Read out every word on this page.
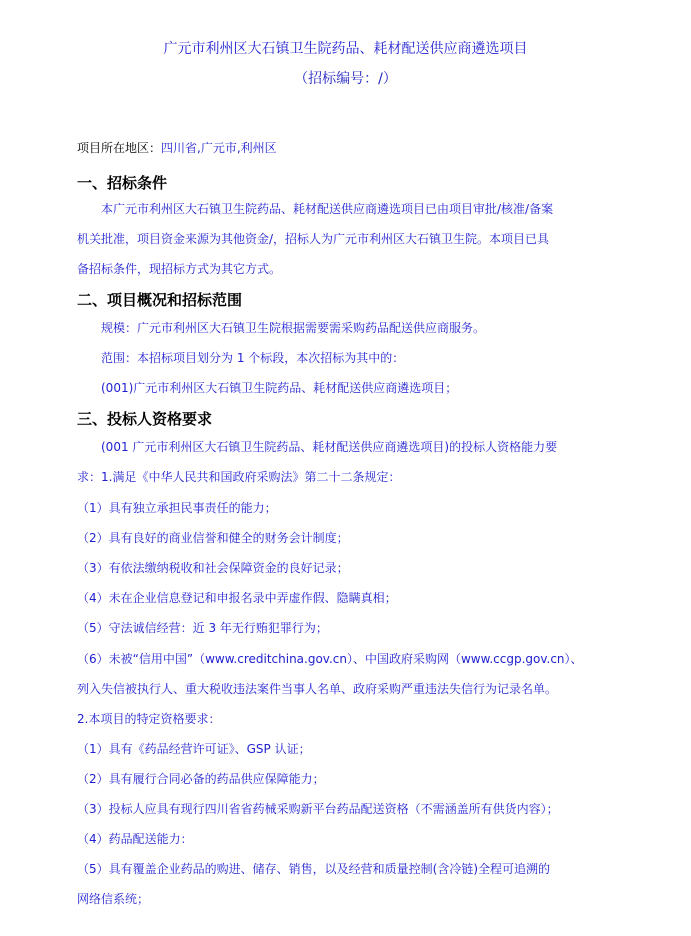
广元市利州区大石镇卫生院药品、耗材配送供应商遴选项目
（招标编号：/）
项目所在地区：四川省,广元市,利州区
一、招标条件
本广元市利州区大石镇卫生院药品、耗材配送供应商遴选项目已由项目审批/核准/备案
机关批准，项目资金来源为其他资金/，招标人为广元市利州区大石镇卫生院。本项目已具
备招标条件，现招标方式为其它方式。
二、项目概况和招标范围
规模：广元市利州区大石镇卫生院根据需要需采购药品配送供应商服务。
范围：本招标项目划分为 1 个标段，本次招标为其中的：
(001)广元市利州区大石镇卫生院药品、耗材配送供应商遴选项目；
三、投标人资格要求
(001 广元市利州区大石镇卫生院药品、耗材配送供应商遴选项目)的投标人资格能力要
求：1.满足《中华人民共和国政府采购法》第二十二条规定：
（1）具有独立承担民事责任的能力；
（2）具有良好的商业信誉和健全的财务会计制度；
（3）有依法缴纳税收和社会保障资金的良好记录；
（4）未在企业信息登记和申报名录中弄虚作假、隐瞒真相；
（5）守法诚信经营：近 3 年无行贿犯罪行为；
（6）未被“信用中国”（www.creditchina.gov.cn）、中国政府采购网（www.ccgp.gov.cn）、
列入失信被执行人、重大税收违法案件当事人名单、政府采购严重违法失信行为记录名单。
2.本项目的特定资格要求：
（1）具有《药品经营许可证》、GSP 认证；
（2）具有履行合同必备的药品供应保障能力；
（3）投标人应具有现行四川省省药械采购新平台药品配送资格（不需涵盖所有供货内容）；
（4）药品配送能力：
（5）具有覆盖企业药品的购进、储存、销售，以及经营和质量控制(含冷链)全程可追溯的
网络信系统；
